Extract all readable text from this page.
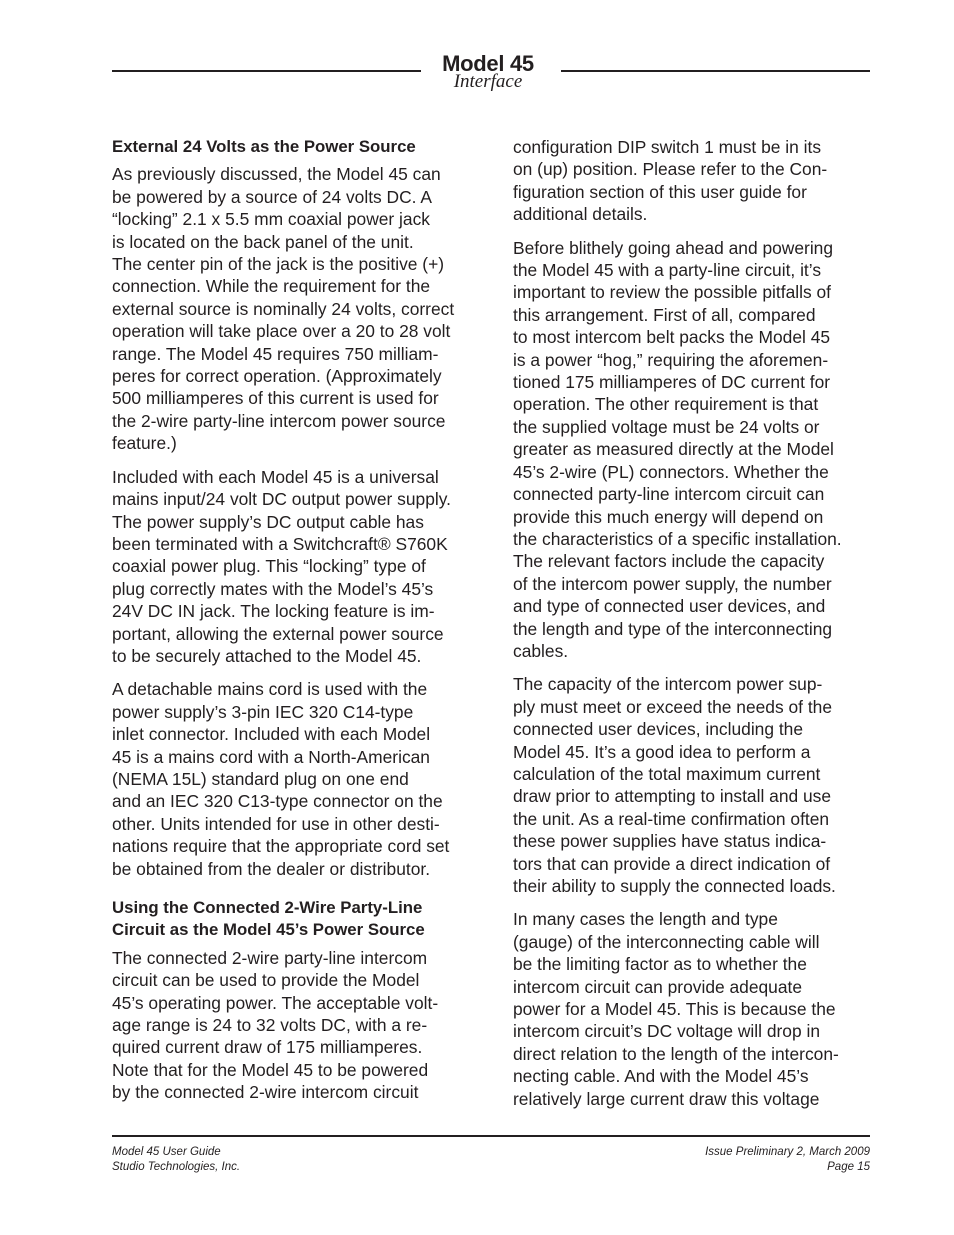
Model 45
Interface
External 24 Volts as the Power Source

As previously discussed, the Model 45 can
be powered by a source of 24 volts DC. A
“locking” 2.1 x 5.5 mm coaxial power jack
is located on the back panel of the unit.
The center pin of the jack is the positive (+)
connection. While the requirement for the
external source is nominally 24 volts, correct
operation will take place over a 20 to 28 volt
range. The Model 45 requires 750 milliam-
peres for correct operation. (Approximately
500 milliamperes of this current is used for
the 2-wire party-line intercom power source
feature.)

Included with each Model 45 is a universal
mains input/24 volt DC output power supply.
The power supply’s DC output cable has
been terminated with a Switchcraft® S760K
coaxial power plug. This “locking” type of
plug correctly mates with the Model’s 45’s
24V DC IN jack. The locking feature is im-
portant, allowing the external power source
to be securely attached to the Model 45.

A detachable mains cord is used with the
power supply’s 3-pin IEC 320 C14-type
inlet connector. Included with each Model
45 is a mains cord with a North-American
(NEMA 15L) standard plug on one end
and an IEC 320 C13-type connector on the
other. Units intended for use in other desti-
nations require that the appropriate cord set
be obtained from the dealer or distributor.

Using the Connected 2-Wire Party-Line
Circuit as the Model 45’s Power Source

The connected 2-wire party-line intercom
circuit can be used to provide the Model
45’s operating power. The acceptable volt-
age range is 24 to 32 volts DC, with a re-
quired current draw of 175 milliamperes.
Note that for the Model 45 to be powered
by the connected 2-wire intercom circuit

configuration DIP switch 1 must be in its
on (up) position. Please refer to the Con-
figuration section of this user guide for
additional details.

Before blithely going ahead and powering
the Model 45 with a party-line circuit, it’s
important to review the possible pitfalls of
this arrangement. First of all, compared
to most intercom belt packs the Model 45
is a power “hog,” requiring the aforemen-
tioned 175 milliamperes of DC current for
operation. The other requirement is that
the supplied voltage must be 24 volts or
greater as measured directly at the Model
45’s 2-wire (PL) connectors. Whether the
connected party-line intercom circuit can
provide this much energy will depend on
the characteristics of a specific installation.
The relevant factors include the capacity
of the intercom power supply, the number
and type of connected user devices, and
the length and type of the interconnecting
cables.

The capacity of the intercom power sup-
ply must meet or exceed the needs of the
connected user devices, including the
Model 45. It’s a good idea to perform a
calculation of the total maximum current
draw prior to attempting to install and use
the unit. As a real-time confirmation often
these power supplies have status indica-
tors that can provide a direct indication of
their ability to supply the connected loads.

In many cases the length and type
(gauge) of the interconnecting cable will
be the limiting factor as to whether the
intercom circuit can provide adequate
power for a Model 45. This is because the
intercom circuit’s DC voltage will drop in
direct relation to the length of the intercon-
necting cable. And with the Model 45’s
relatively large current draw this voltage

Model 45 User Guide
Studio Technologies, Inc.
Issue Preliminary 2, March 2009
Page 15
